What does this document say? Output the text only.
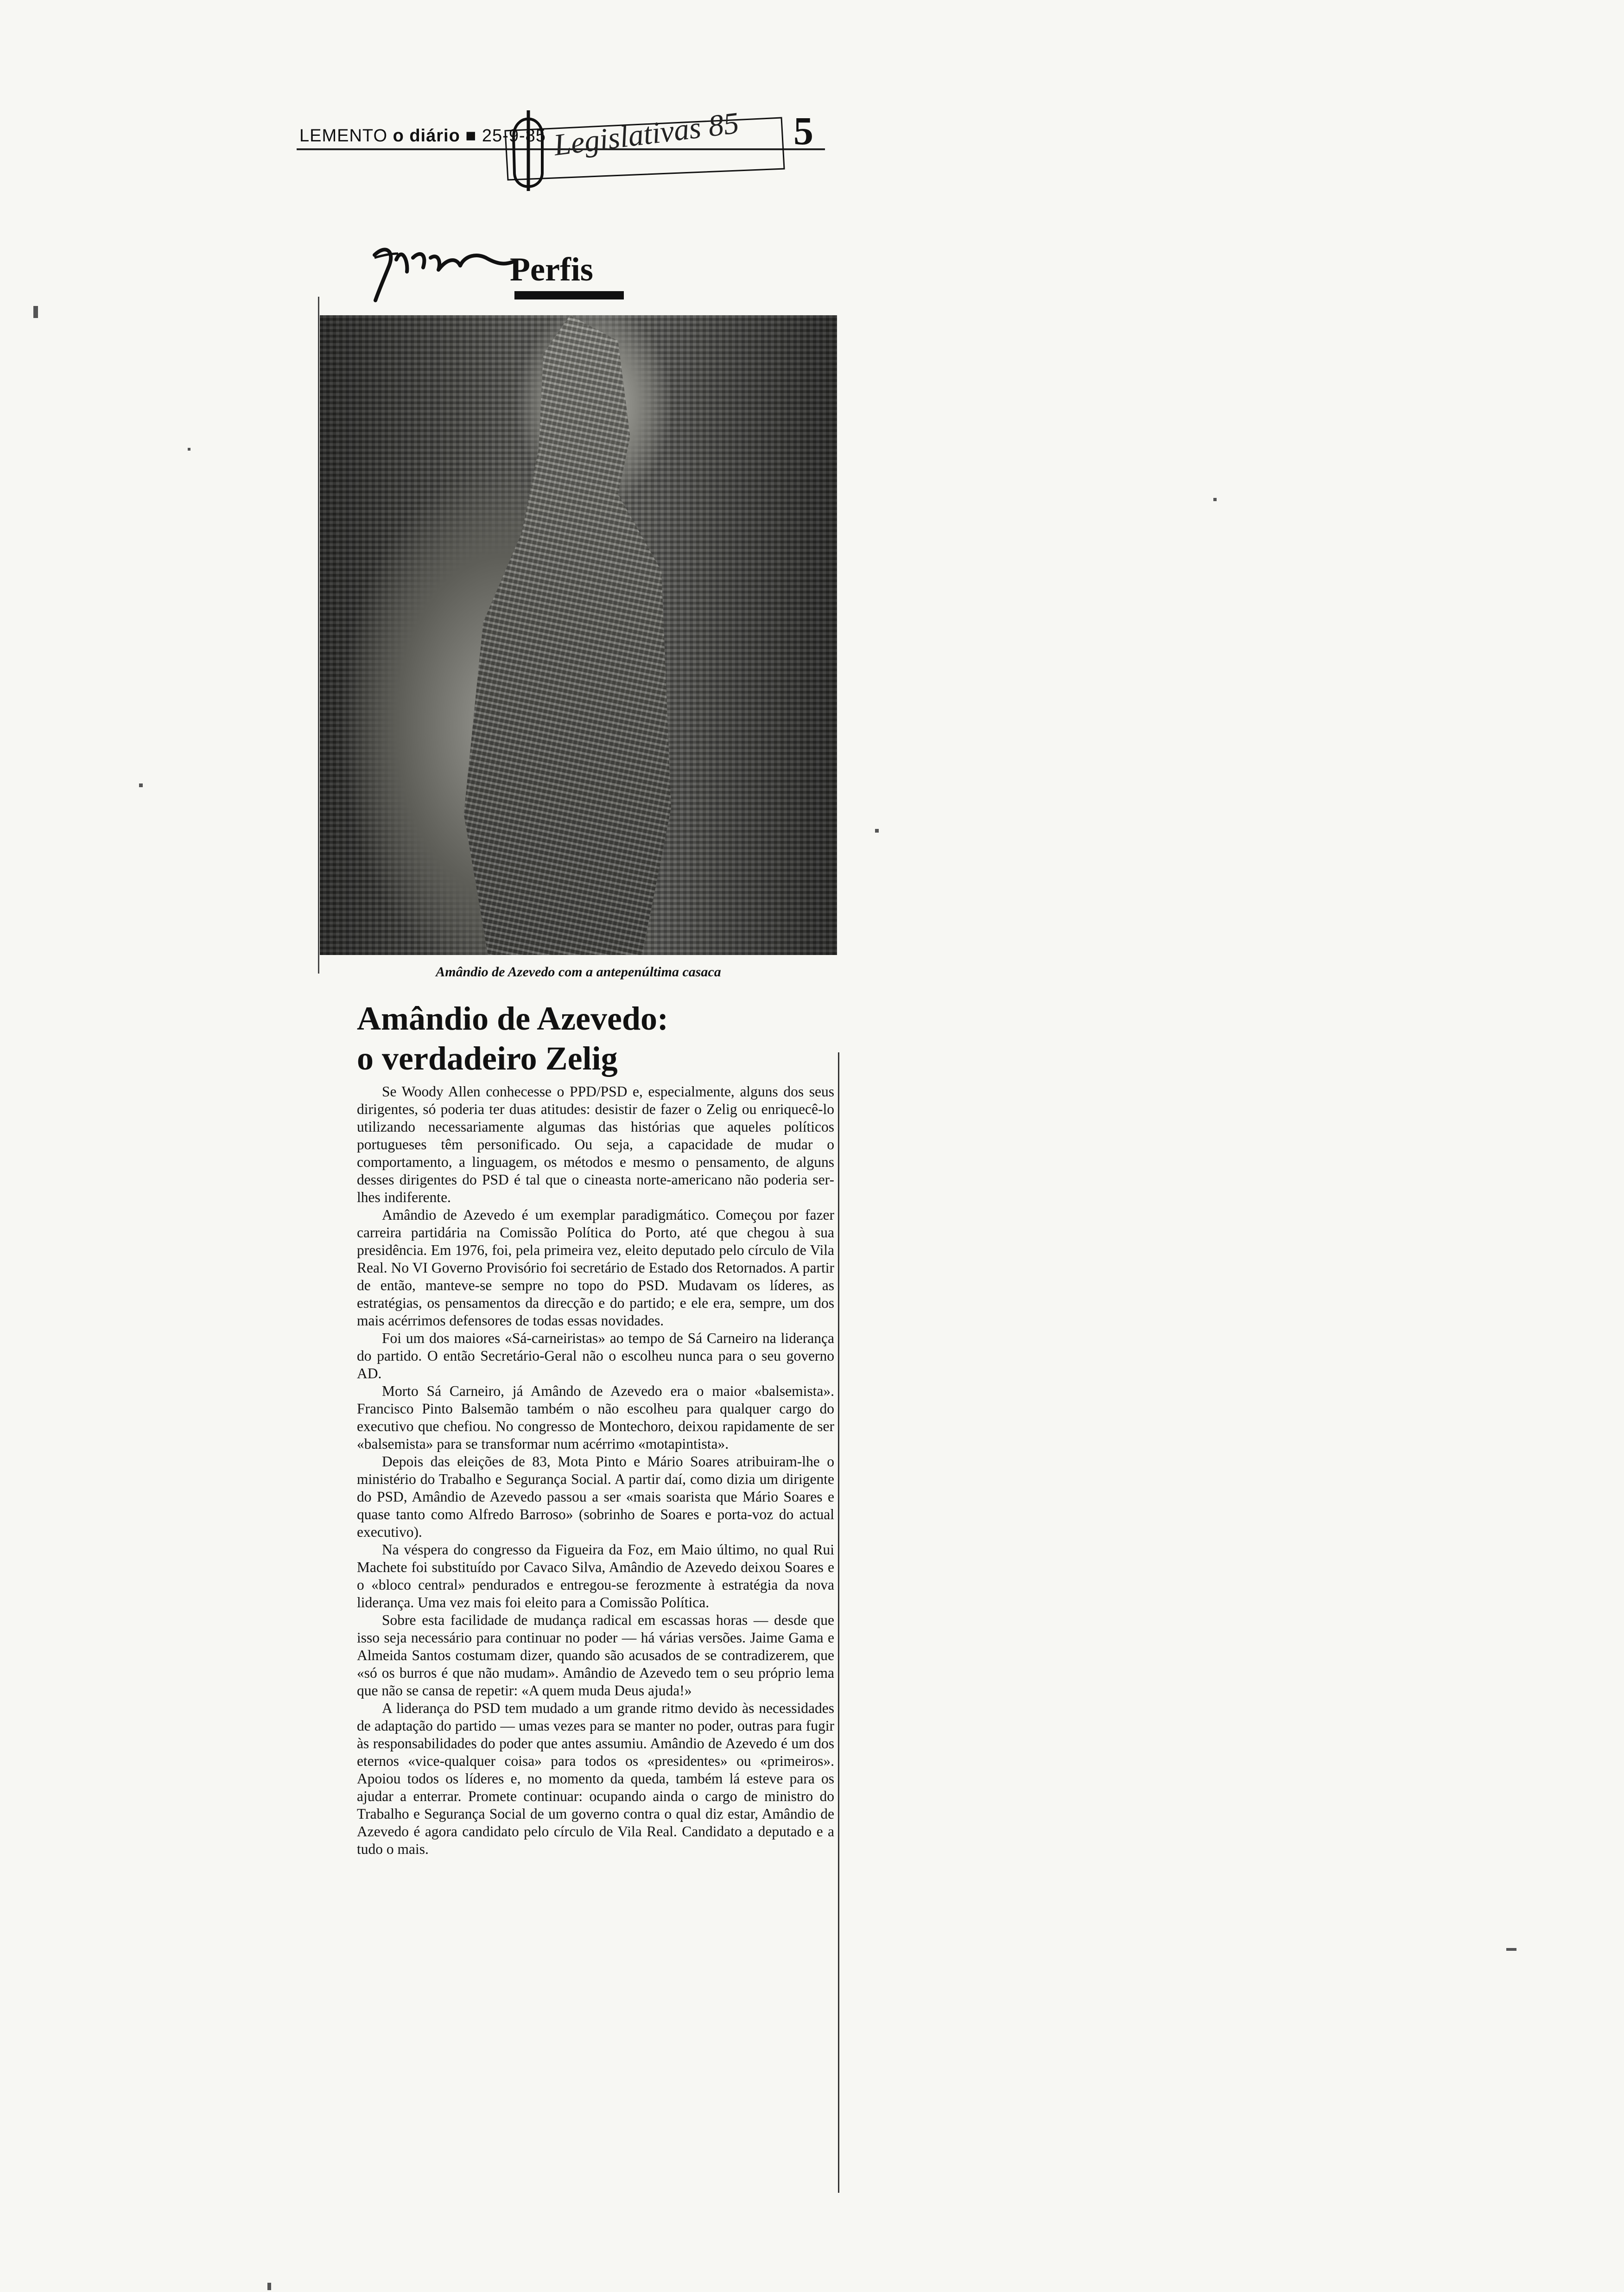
LEMENTO o diário ■ 25-9-85 Legislativas 85 5
Perfis
Amândio de Azevedo com a antepenúltima casaca
Amândio de Azevedo:
o verdadeiro Zelig

Se Woody Allen conhecesse o PPD/PSD e, especialmente, alguns dos seus dirigentes, só poderia ter duas atitudes: desistir de fazer o Zelig ou enriquecê-lo utilizando necessariamente algumas das histórias que aqueles políticos portugueses têm personificado. Ou seja, a capacidade de mudar o comportamento, a linguagem, os métodos e mesmo o pensamento, de alguns desses dirigentes do PSD é tal que o cineasta norte-americano não poderia ser-lhes indiferente.

Amândio de Azevedo é um exemplar paradigmático. Começou por fazer carreira partidária na Comissão Política do Porto, até que chegou à sua presidência. Em 1976, foi, pela primeira vez, eleito deputado pelo círculo de Vila Real. No VI Governo Provisório foi secretário de Estado dos Retornados. A partir de então, manteve-se sempre no topo do PSD. Mudavam os líderes, as estratégias, os pensamentos da direcção e do partido; e ele era, sempre, um dos mais acérrimos defensores de todas essas novidades.

Foi um dos maiores «Sá-carneiristas» ao tempo de Sá Carneiro na liderança do partido. O então Secretário-Geral não o escolheu nunca para o seu governo AD.

Morto Sá Carneiro, já Amândo de Azevedo era o maior «balsemista». Francisco Pinto Balsemão também o não escolheu para qualquer cargo do executivo que chefiou. No congresso de Montechoro, deixou rapidamente de ser «balsemista» para se transformar num acérrimo «motapintista».

Depois das eleições de 83, Mota Pinto e Mário Soares atribuiram-lhe o ministério do Trabalho e Segurança Social. A partir daí, como dizia um dirigente do PSD, Amândio de Azevedo passou a ser «mais soarista que Mário Soares e quase tanto como Alfredo Barroso» (sobrinho de Soares e porta-voz do actual executivo).

Na véspera do congresso da Figueira da Foz, em Maio último, no qual Rui Machete foi substituído por Cavaco Silva, Amândio de Azevedo deixou Soares e o «bloco central» pendurados e entregou-se ferozmente à estratégia da nova liderança. Uma vez mais foi eleito para a Comissão Política.

Sobre esta facilidade de mudança radical em escassas horas — desde que isso seja necessário para continuar no poder — há várias versões. Jaime Gama e Almeida Santos costumam dizer, quando são acusados de se contradizerem, que «só os burros é que não mudam». Amândio de Azevedo tem o seu próprio lema que não se cansa de repetir: «A quem muda Deus ajuda!»

A liderança do PSD tem mudado a um grande ritmo devido às necessidades de adaptação do partido — umas vezes para se manter no poder, outras para fugir às responsabilidades do poder que antes assumiu. Amândio de Azevedo é um dos eternos «vice-qualquer coisa» para todos os «presidentes» ou «primeiros». Apoiou todos os líderes e, no momento da queda, também lá esteve para os ajudar a enterrar. Promete continuar: ocupando ainda o cargo de ministro do Trabalho e Segurança Social de um governo contra o qual diz estar, Amândio de Azevedo é agora candidato pelo círculo de Vila Real. Candidato a deputado e a tudo o mais.
